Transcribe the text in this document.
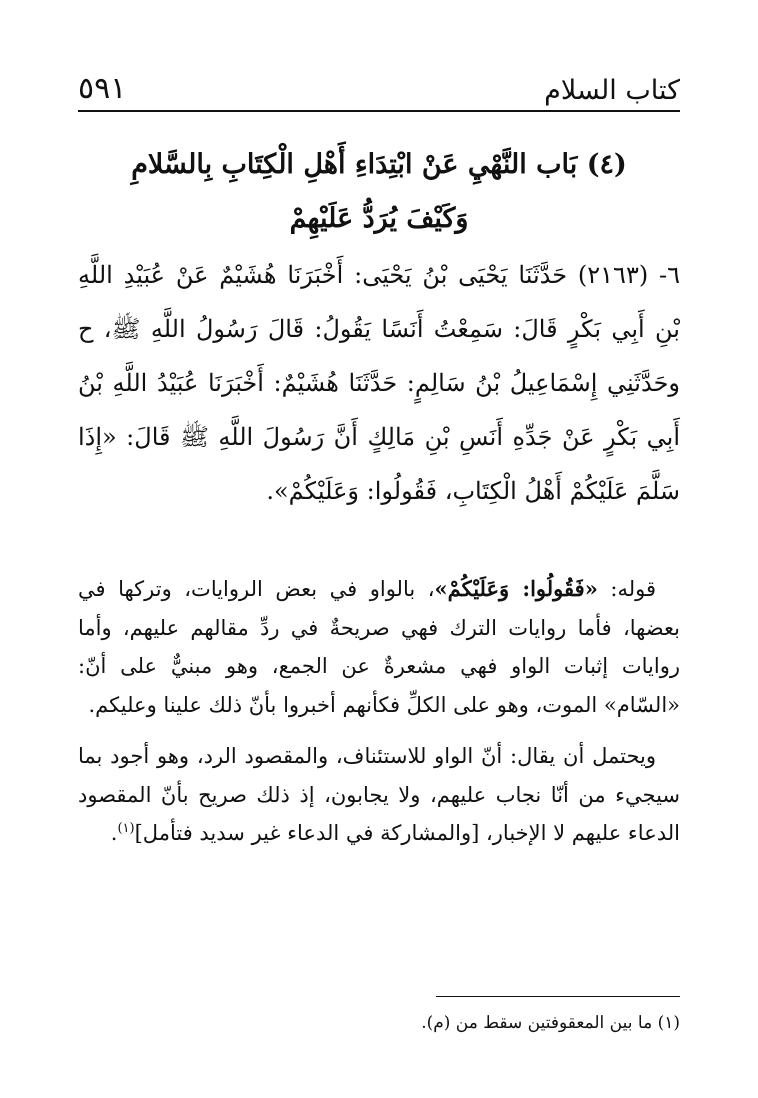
كتاب السلام
٥٩١
(٤) بَاب النَّهْيِ عَنْ ابْتِدَاءِ أَهْلِ الْكِتَابِ بِالسَّلامِ
وَكَيْفَ يُرَدُّ عَلَيْهِمْ
٦- (٢١٦٣) حَدَّثَنَا يَحْيَى بْنُ يَحْيَى: أَخْبَرَنَا هُشَيْمٌ عَنْ عُبَيْدِ اللَّهِ بْنِ أَبِي بَكْرٍ قَالَ: سَمِعْتُ أَنَسًا يَقُولُ: قَالَ رَسُولُ اللَّهِ ﷺ، ح وحَدَّثَنِي إِسْمَاعِيلُ بْنُ سَالِمٍ: حَدَّثَنَا هُشَيْمٌ: أَخْبَرَنَا عُبَيْدُ اللَّهِ بْنُ أَبِي بَكْرٍ عَنْ جَدِّهِ أَنَسِ بْنِ مَالِكٍ أَنَّ رَسُولَ اللَّهِ ﷺ قَالَ: «إِذَا سَلَّمَ عَلَيْكُمْ أَهْلُ الْكِتَابِ، فَقُولُوا: وَعَلَيْكُمْ».

قوله: «فَقُولُوا: وَعَلَيْكُمْ»، بالواو في بعض الروايات، وتركها في بعضها، فأما روايات الترك فهي صريحةٌ في ردِّ مقالهم عليهم، وأما روايات إثبات الواو فهي مشعرةٌ عن الجمع، وهو مبنيٌّ على أنّ: «السّام» الموت، وهو على الكلِّ فكأنهم أخبروا بأنّ ذلك علينا وعليكم.

ويحتمل أن يقال: أنّ الواو للاستئناف، والمقصود الرد، وهو أجود بما سيجيء من أنّا نجاب عليهم، ولا يجابون، إذ ذلك صريح بأنّ المقصود الدعاء عليهم لا الإخبار، [والمشاركة في الدعاء غير سديد فتأمل]$^{(١)}$.

(١) ما بين المعقوفتين سقط من (م).
